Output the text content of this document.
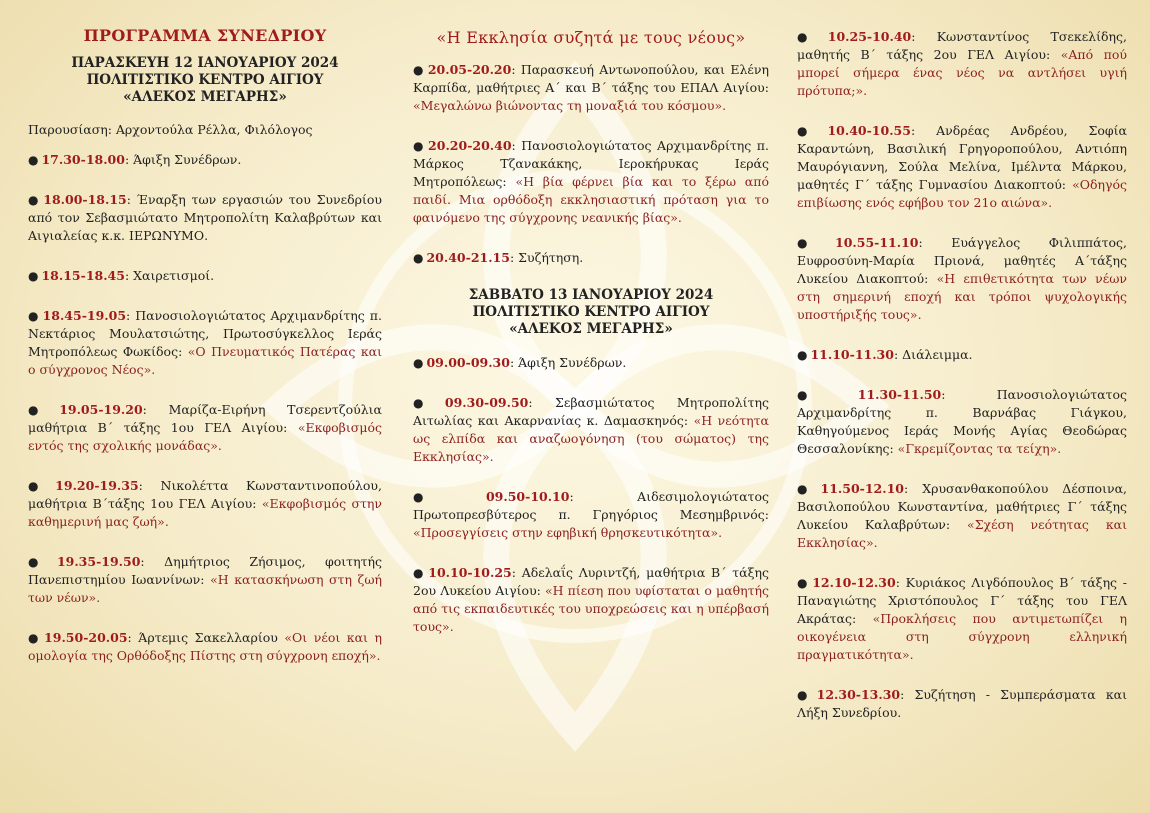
ΠΡΟΓΡΑΜΜΑ ΣΥΝΕΔΡΙΟΥ
ΠΑΡΑΣΚΕΥΗ 12 ΙΑΝΟΥΑΡΙΟΥ 2024
ΠΟΛΙΤΙΣΤΙΚΟ ΚΕΝΤΡΟ ΑΙΓΙΟΥ
«ΑΛΕΚΟΣ ΜΕΓΑΡΗΣ»
Παρουσίαση: Αρχοντούλα Ρέλλα, Φιλόλογος
● 17.30-18.00: Άφιξη Συνέδρων.
● 18.00-18.15: Έναρξη των εργασιών του Συνεδρίου από τον Σεβασμιώτατο Μητροπολίτη Καλαβρύτων και Αιγιαλείας κ.κ. ΙΕΡΩΝΥΜΟ.
● 18.15-18.45: Χαιρετισμοί.
● 18.45-19.05: Πανοσιολογιώτατος Αρχιμανδρίτης π. Νεκτάριος Μουλατσιώτης, Πρωτοσύγκελλος Ιεράς Μητροπόλεως Φωκίδος: «Ο Πνευματικός Πατέρας και ο σύγχρονος Νέος».
● 19.05-19.20: Μαρίζα-Ειρήνη Τσερεντζούλια μαθήτρια Β΄ τάξης 1ου ΓΕΛ Αιγίου: «Εκφοβισμός εντός της σχολικής μονάδας».
● 19.20-19.35: Νικολέττα Κωνσταντινοπούλου, μαθήτρια Β΄τάξης 1ου ΓΕΛ Αιγίου: «Εκφοβισμός στην καθημερινή μας ζωή».
● 19.35-19.50: Δημήτριος Ζήσιμος, φοιτητής Πανεπιστημίου Ιωαννίνων: «Η κατασκήνωση στη ζωή των νέων».
● 19.50-20.05: Άρτεμις Σακελλαρίου «Οι νέοι και η ομολογία της Ορθόδοξης Πίστης στη σύγχρονη εποχή».
«Η Εκκλησία συζητά με τους νέους»
● 20.05-20.20: Παρασκευή Αντωνοπούλου, και Ελένη Καρπίδα, μαθήτριες Α΄ και Β΄ τάξης του ΕΠΑΛ Αιγίου: «Μεγαλώνω βιώνοντας τη μοναξιά του κόσμου».
● 20.20-20.40: Πανοσιολογιώτατος Αρχιμανδρίτης π. Μάρκος Τζανακάκης, Ιεροκήρυκας Ιεράς Μητροπόλεως: «Η βία φέρνει βία και το ξέρω από παιδί. Μια ορθόδοξη εκκλησιαστική πρόταση για το φαινόμενο της σύγχρονης νεανικής βίας».
● 20.40-21.15: Συζήτηση.
ΣΑΒΒΑΤΟ 13 ΙΑΝΟΥΑΡΙΟΥ 2024
ΠΟΛΙΤΙΣΤΙΚΟ ΚΕΝΤΡΟ ΑΙΓΙΟΥ
«ΑΛΕΚΟΣ ΜΕΓΑΡΗΣ»
● 09.00-09.30: Άφιξη Συνέδρων.
● 09.30-09.50: Σεβασμιώτατος Μητροπολίτης Αιτωλίας και Ακαρνανίας κ. Δαμασκηνός: «Η νεότητα ως ελπίδα και αναζωογόνηση (του σώματος) της Εκκλησίας».
● 09.50-10.10: Αιδεσιμολογιώτατος Πρωτοπρεσβύτερος π. Γρηγόριος Μεσημβρινός: «Προσεγγίσεις στην εφηβική θρησκευτικότητα».
● 10.10-10.25: Αδελαΐς Λυριντζή, μαθήτρια Β΄ τάξης 2ου Λυκείου Αιγίου: «Η πίεση που υφίσταται ο μαθητής από τις εκπαιδευτικές του υποχρεώσεις και η υπέρβασή τους».
● 10.25-10.40: Κωνσταντίνος Τσεκελίδης, μαθητής Β΄ τάξης 2ου ΓΕΛ Αιγίου: «Από πού μπορεί σήμερα ένας νέος να αντλήσει υγιή πρότυπα;».
● 10.40-10.55: Ανδρέας Ανδρέου, Σοφία Καραντώνη, Βασιλική Γρηγοροπούλου, Αντιόπη Μαυρόγιαννη, Σούλα Μελίνα, Ιμέλντα Μάρκου, μαθητές Γ΄ τάξης Γυμνασίου Διακοπτού: «Οδηγός επιβίωσης ενός εφήβου τον 21ο αιώνα».
● 10.55-11.10: Ευάγγελος Φιλιππάτος, Ευφροσύνη-Μαρία Πριονά, μαθητές Α΄τάξης Λυκείου Διακοπτού: «Η επιθετικότητα των νέων στη σημερινή εποχή και τρόποι ψυχολογικής υποστήριξής τους».
● 11.10-11.30: Διάλειμμα.
● 11.30-11.50: Πανοσιολογιώτατος Αρχιμανδρίτης π. Βαρνάβας Γιάγκου, Καθηγούμενος Ιεράς Μονής Αγίας Θεοδώρας Θεσσαλονίκης: «Γκρεμίζοντας τα τείχη».
● 11.50-12.10: Χρυσανθακοπούλου Δέσποινα, Βασιλοπούλου Κωνσταντίνα, μαθήτριες Γ΄ τάξης Λυκείου Καλαβρύτων: «Σχέση νεότητας και Εκκλησίας».
● 12.10-12.30: Κυριάκος Λιγδόπουλος Β΄ τάξης - Παναγιώτης Χριστόπουλος Γ΄ τάξης του ΓΕΛ Ακράτας: «Προκλήσεις που αντιμετωπίζει η οικογένεια στη σύγχρονη ελληνική πραγματικότητα».
● 12.30-13.30: Συζήτηση - Συμπεράσματα και Λήξη Συνεδρίου.
